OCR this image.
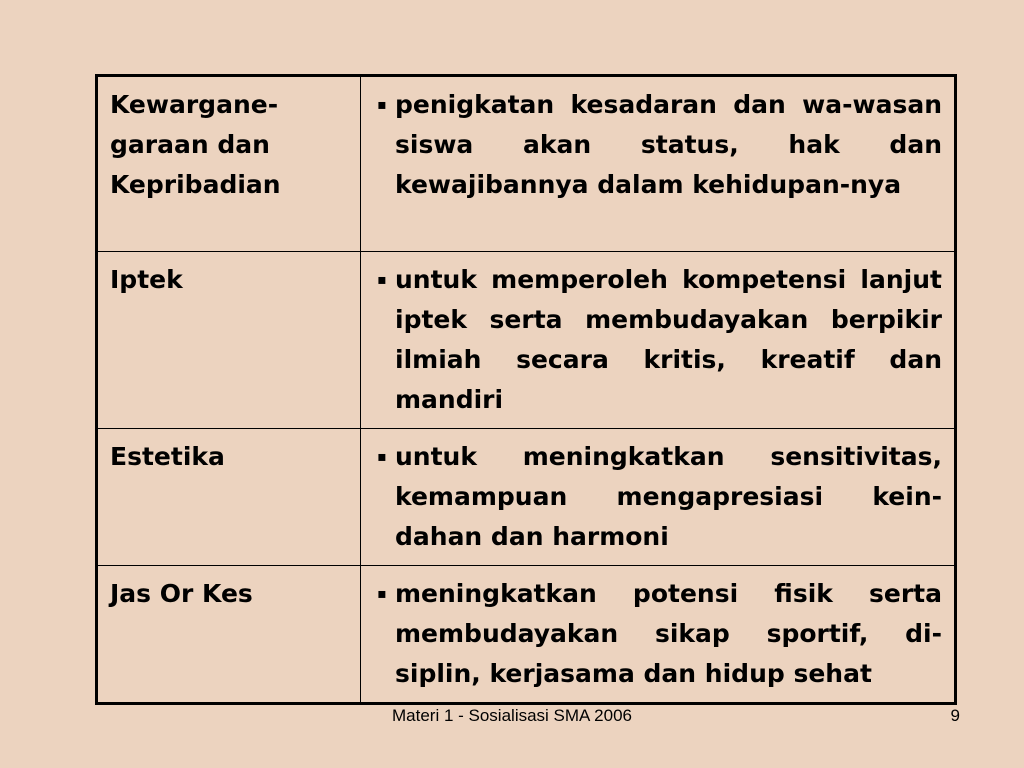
Kewargane-
garaan dan
Kepribadian	▪ penigkatan kesadaran dan wa-wasan siswa akan status, hak dan kewajibannya dalam kehidupan-nya

Iptek	▪ untuk memperoleh kompetensi lanjut iptek serta membudayakan berpikir ilmiah secara kritis, kreatif dan mandiri

Estetika	▪ untuk meningkatkan sensitivitas, kemampuan mengapresiasi kein-dahan dan harmoni

Jas Or Kes	▪ meningkatkan potensi fisik serta membudayakan sikap sportif, di-siplin, kerjasama dan hidup sehat
Materi 1 - Sosialisasi SMA 2006	9
